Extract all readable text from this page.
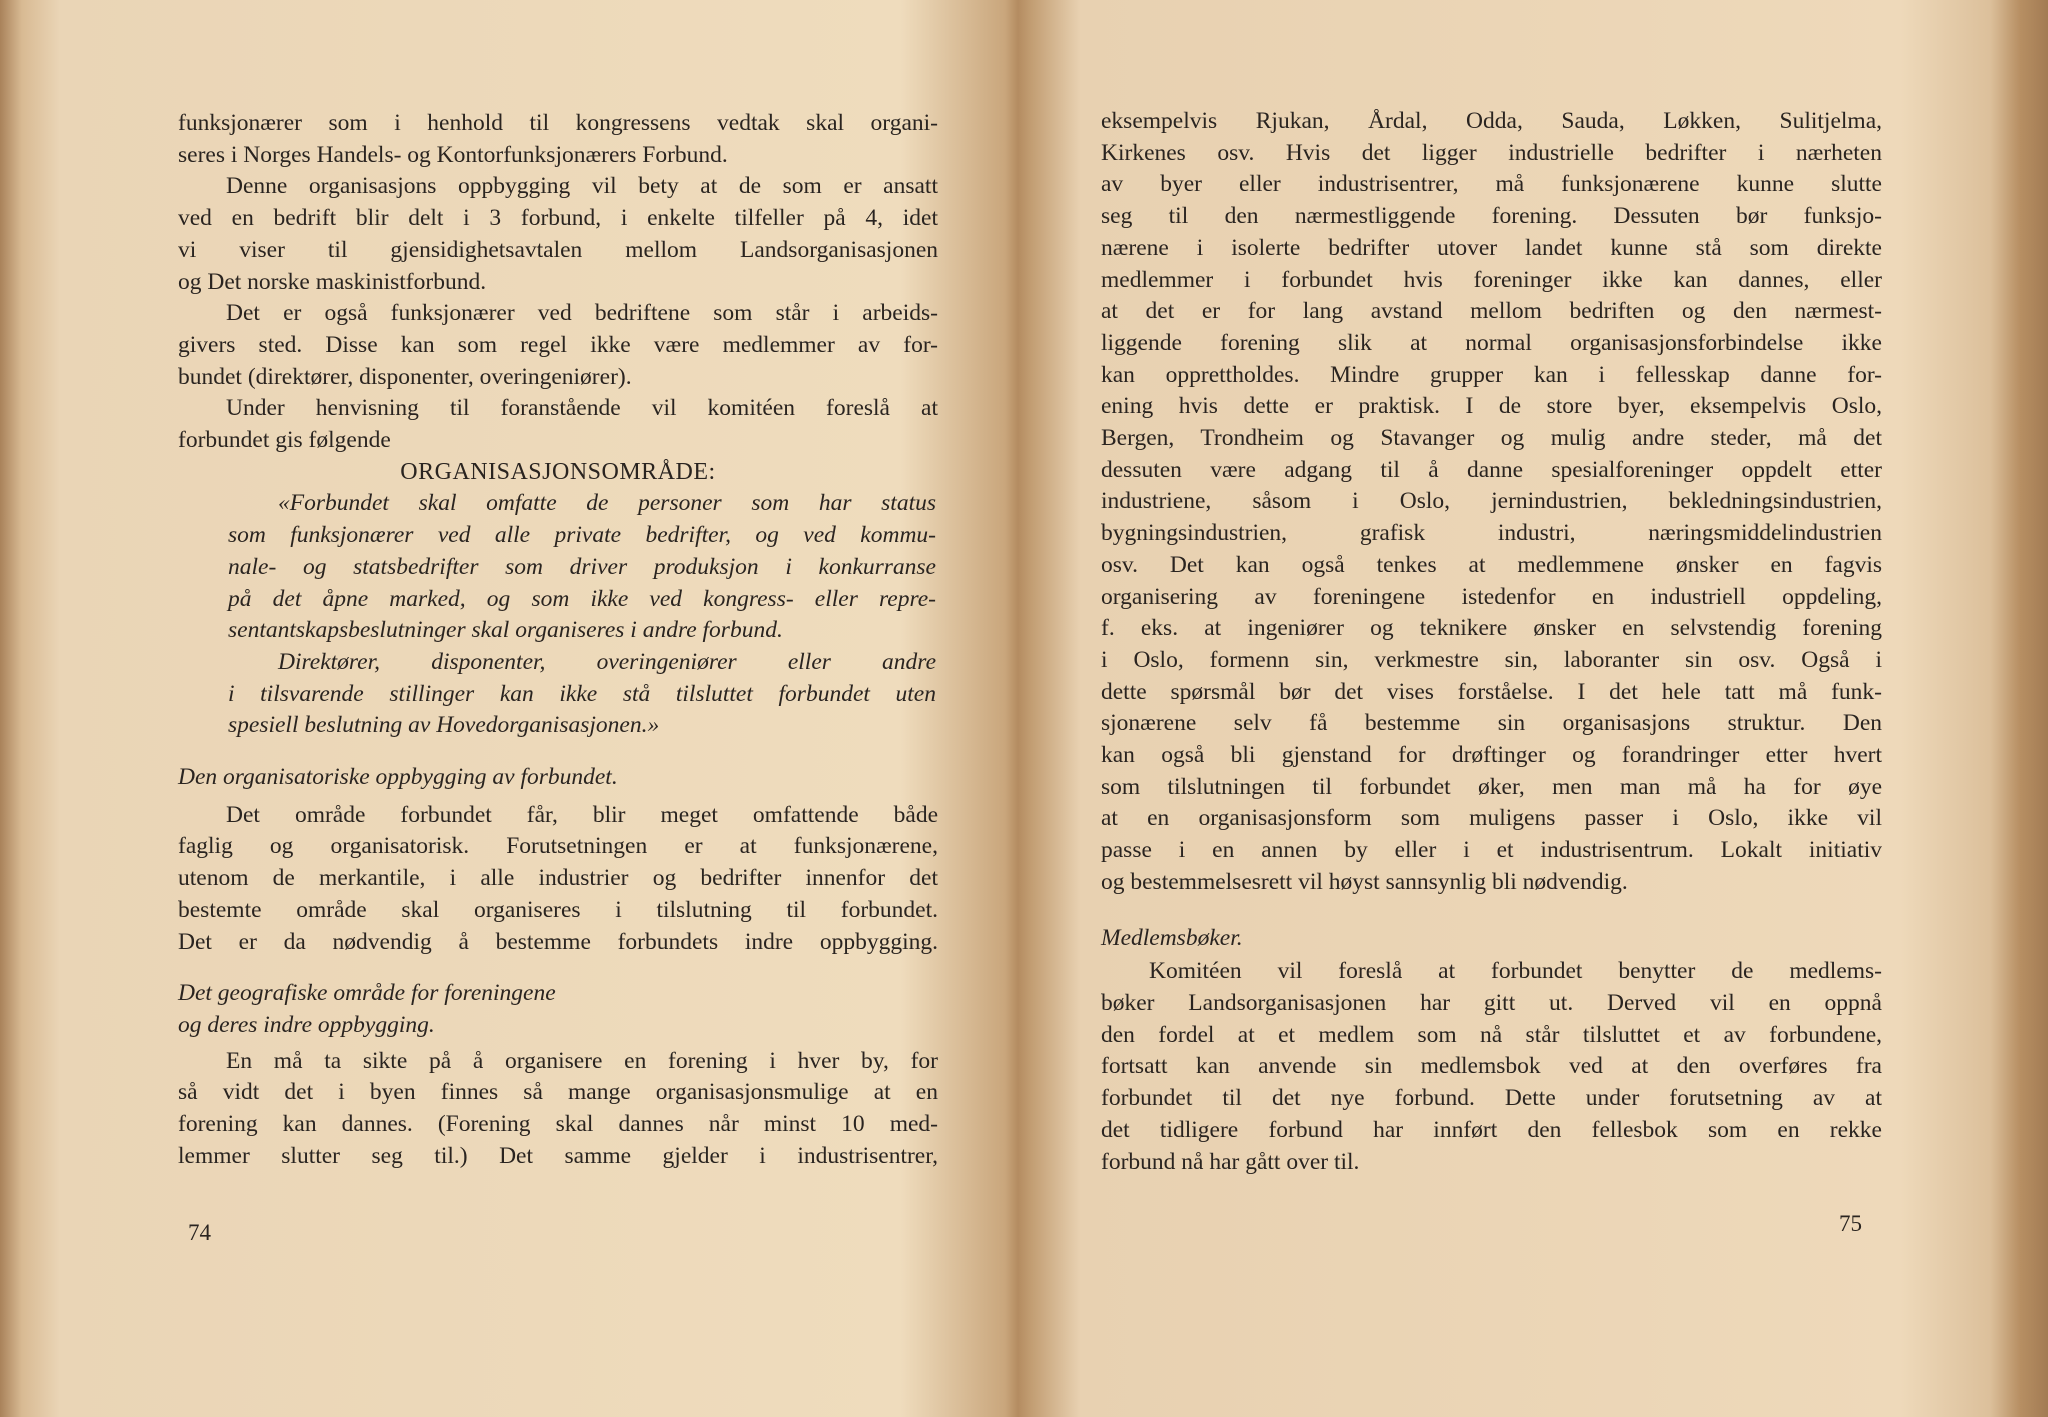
funksjonærer som i henhold til kongressens vedtak skal organi-

seres i Norges Handels- og Kontorfunksjonærers Forbund.

Denne organisasjons oppbygging vil bety at de som er ansatt

ved en bedrift blir delt i 3 forbund, i enkelte tilfeller på 4, idet

vi viser til gjensidighetsavtalen mellom Landsorganisasjonen

og Det norske maskinistforbund.

Det er også funksjonærer ved bedriftene som står i arbeids-

givers sted. Disse kan som regel ikke være medlemmer av for-

bundet (direktører, disponenter, overingeniører).

Under henvisning til foranstående vil komitéen foreslå at

forbundet gis følgende

ORGANISASJONSOMRÅDE:

«Forbundet skal omfatte de personer som har status

som funksjonærer ved alle private bedrifter, og ved kommu-

nale- og statsbedrifter som driver produksjon i konkurranse

på det åpne marked, og som ikke ved kongress- eller repre-

sentantskapsbeslutninger skal organiseres i andre forbund.

Direktører, disponenter, overingeniører eller andre

i tilsvarende stillinger kan ikke stå tilsluttet forbundet uten

spesiell beslutning av Hovedorganisasjonen.»

Den organisatoriske oppbygging av forbundet.

Det område forbundet får, blir meget omfattende både

faglig og organisatorisk. Forutsetningen er at funksjonærene,

utenom de merkantile, i alle industrier og bedrifter innenfor det

bestemte område skal organiseres i tilslutning til forbundet.

Det er da nødvendig å bestemme forbundets indre oppbygging.

Det geografiske område for foreningene

og deres indre oppbygging.

En må ta sikte på å organisere en forening i hver by, for

så vidt det i byen finnes så mange organisasjonsmulige at en

forening kan dannes. (Forening skal dannes når minst 10 med-

lemmer slutter seg til.) Det samme gjelder i industrisentrer,

74

eksempelvis Rjukan, Årdal, Odda, Sauda, Løkken, Sulitjelma,

Kirkenes osv. Hvis det ligger industrielle bedrifter i nærheten

av byer eller industrisentrer, må funksjonærene kunne slutte

seg til den nærmestliggende forening. Dessuten bør funksjo-

nærene i isolerte bedrifter utover landet kunne stå som direkte

medlemmer i forbundet hvis foreninger ikke kan dannes, eller

at det er for lang avstand mellom bedriften og den nærmest-

liggende forening slik at normal organisasjonsforbindelse ikke

kan opprettholdes. Mindre grupper kan i fellesskap danne for-

ening hvis dette er praktisk. I de store byer, eksempelvis Oslo,

Bergen, Trondheim og Stavanger og mulig andre steder, må det

dessuten være adgang til å danne spesialforeninger oppdelt etter

industriene, såsom i Oslo, jernindustrien, bekledningsindustrien,

bygningsindustrien, grafisk industri, næringsmiddelindustrien

osv. Det kan også tenkes at medlemmene ønsker en fagvis

organisering av foreningene istedenfor en industriell oppdeling,

f. eks. at ingeniører og teknikere ønsker en selvstendig forening

i Oslo, formenn sin, verkmestre sin, laboranter sin osv. Også i

dette spørsmål bør det vises forståelse. I det hele tatt må funk-

sjonærene selv få bestemme sin organisasjons struktur. Den

kan også bli gjenstand for drøftinger og forandringer etter hvert

som tilslutningen til forbundet øker, men man må ha for øye

at en organisasjonsform som muligens passer i Oslo, ikke vil

passe i en annen by eller i et industrisentrum. Lokalt initiativ

og bestemmelsesrett vil høyst sannsynlig bli nødvendig.

Medlemsbøker.

Komitéen vil foreslå at forbundet benytter de medlems-

bøker Landsorganisasjonen har gitt ut. Derved vil en oppnå

den fordel at et medlem som nå står tilsluttet et av forbundene,

fortsatt kan anvende sin medlemsbok ved at den overføres fra

forbundet til det nye forbund. Dette under forutsetning av at

det tidligere forbund har innført den fellesbok som en rekke

forbund nå har gått over til.

75
